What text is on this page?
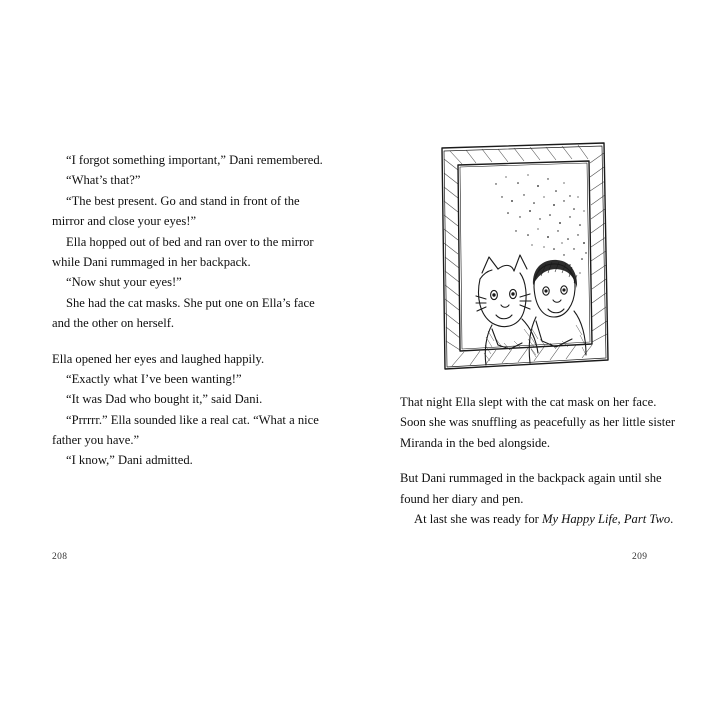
“I forgot something important,” Dani remembered.

“What’s that?”

“The best present. Go and stand in front of the mirror and close your eyes!”

Ella hopped out of bed and ran over to the mirror while Dani rummaged in her backpack.

“Now shut your eyes!”

She had the cat masks. She put one on Ella’s face and the other on herself.

Ella opened her eyes and laughed happily.

“Exactly what I’ve been wanting!”

“It was Dad who bought it,” said Dani.

“Prrrrr.” Ella sounded like a real cat. “What a nice father you have.”

“I know,” Dani admitted.

208

That night Ella slept with the cat mask on her face. Soon she was snuffling as peacefully as her little sister Miranda in the bed alongside.

But Dani rummaged in the backpack again until she found her diary and pen.

At last she was ready for My Happy Life, Part Two.

209
